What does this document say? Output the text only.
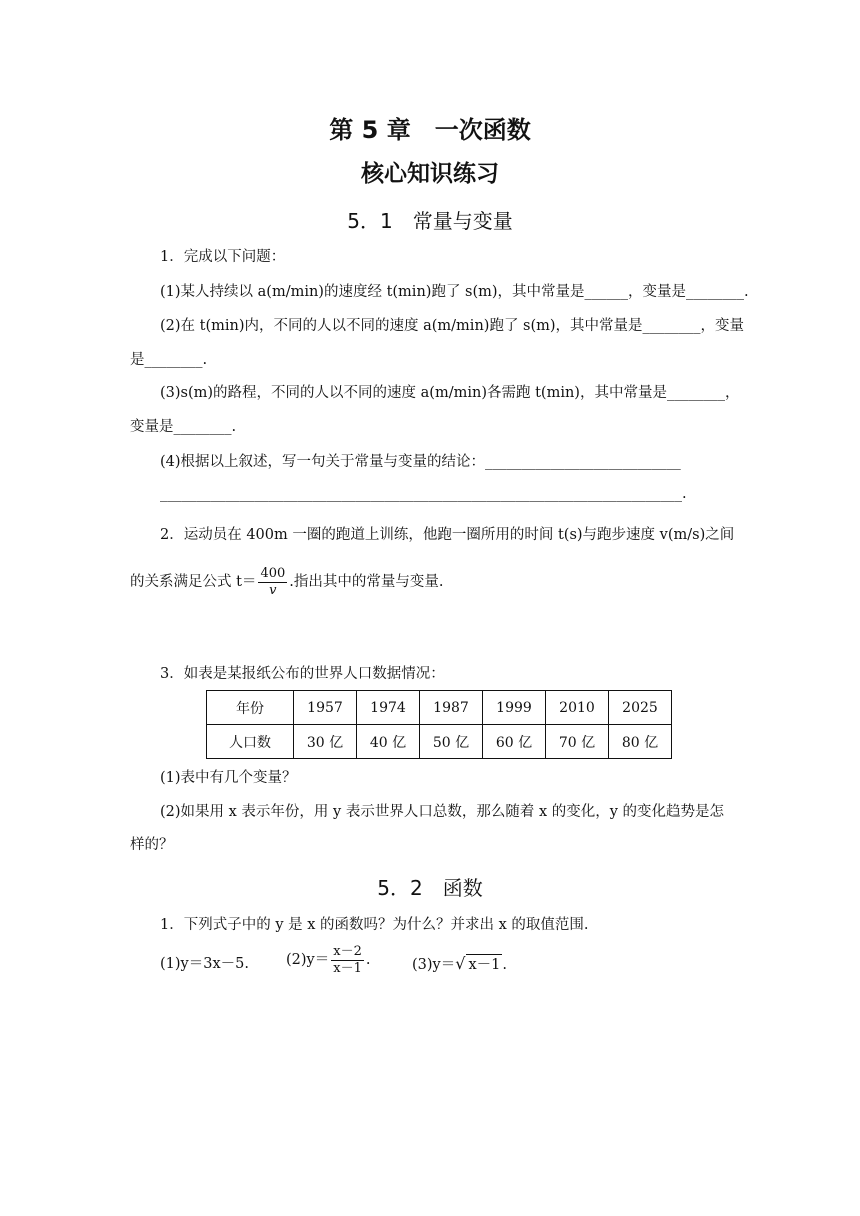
第 5 章　一次函数
核心知识练习
5．1　常量与变量
1．完成以下问题：
(1)某人持续以 a(m/min)的速度经 t(min)跑了 s(m)，其中常量是______，变量是________.
(2)在 t(min)内，不同的人以不同的速度 a(m/min)跑了 s(m)，其中常量是________，变量
是________.
(3)s(m)的路程，不同的人以不同的速度 a(m/min)各需跑 t(min)，其中常量是________，
变量是________.
(4)根据以上叙述，写一句关于常量与变量的结论：___________________________
________________________________________________________________________.
2．运动员在 400m 一圈的跑道上训练，他跑一圈所用的时间 t(s)与跑步速度 v(m/s)之间
的关系满足公式 $t= \frac{400}{v}$ .指出其中的常量与变量.
3．如表是某报纸公布的世界人口数据情况：
年份	1957	1974	1987	1999	2010	2025
人口数	30 亿	40 亿	50 亿	60 亿	70 亿	80 亿
(1)表中有几个变量？
(2)如果用 x 表示年份，用 y 表示世界人口总数，那么随着 x 的变化，y 的变化趋势是怎
样的？
5．2　函数
1．下列式子中的 y 是 x 的函数吗？为什么？并求出 x 的取值范围.
(1)y＝3x－5.	$(2)y= \frac{x-2}{x-1}$ .	(3)y＝√ x－1 .
